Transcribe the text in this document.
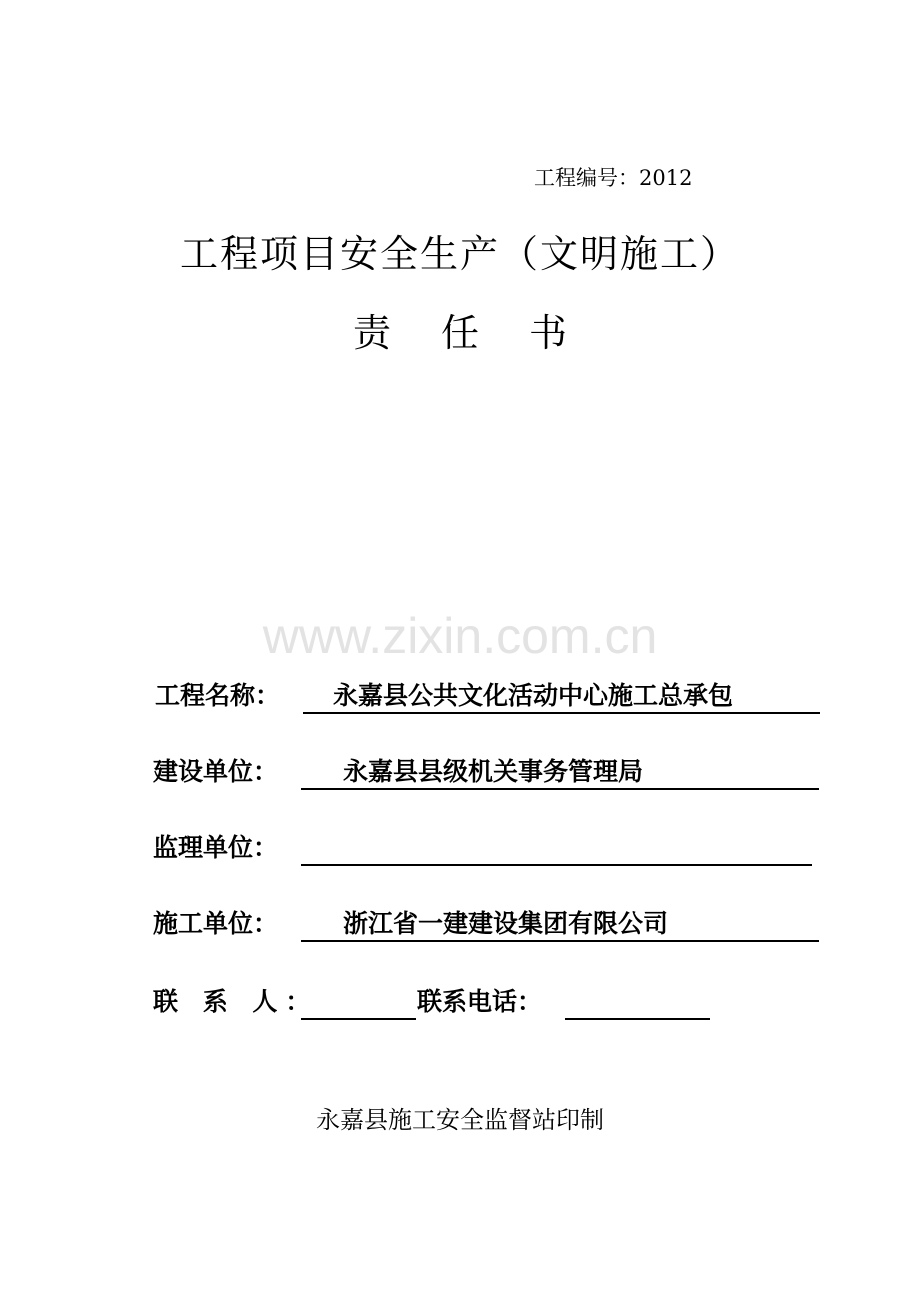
工程编号：2012
工程项目安全生产（文明施工）
责任书
www.zixin.com.cn
工程名称： 永嘉县公共文化活动中心施工总承包
建设单位：	永嘉县县级机关事务管理局
监理单位：
施工单位：	浙江省一建建设集团有限公司
联 系 人：	联系电话：
永嘉县施工安全监督站印制
